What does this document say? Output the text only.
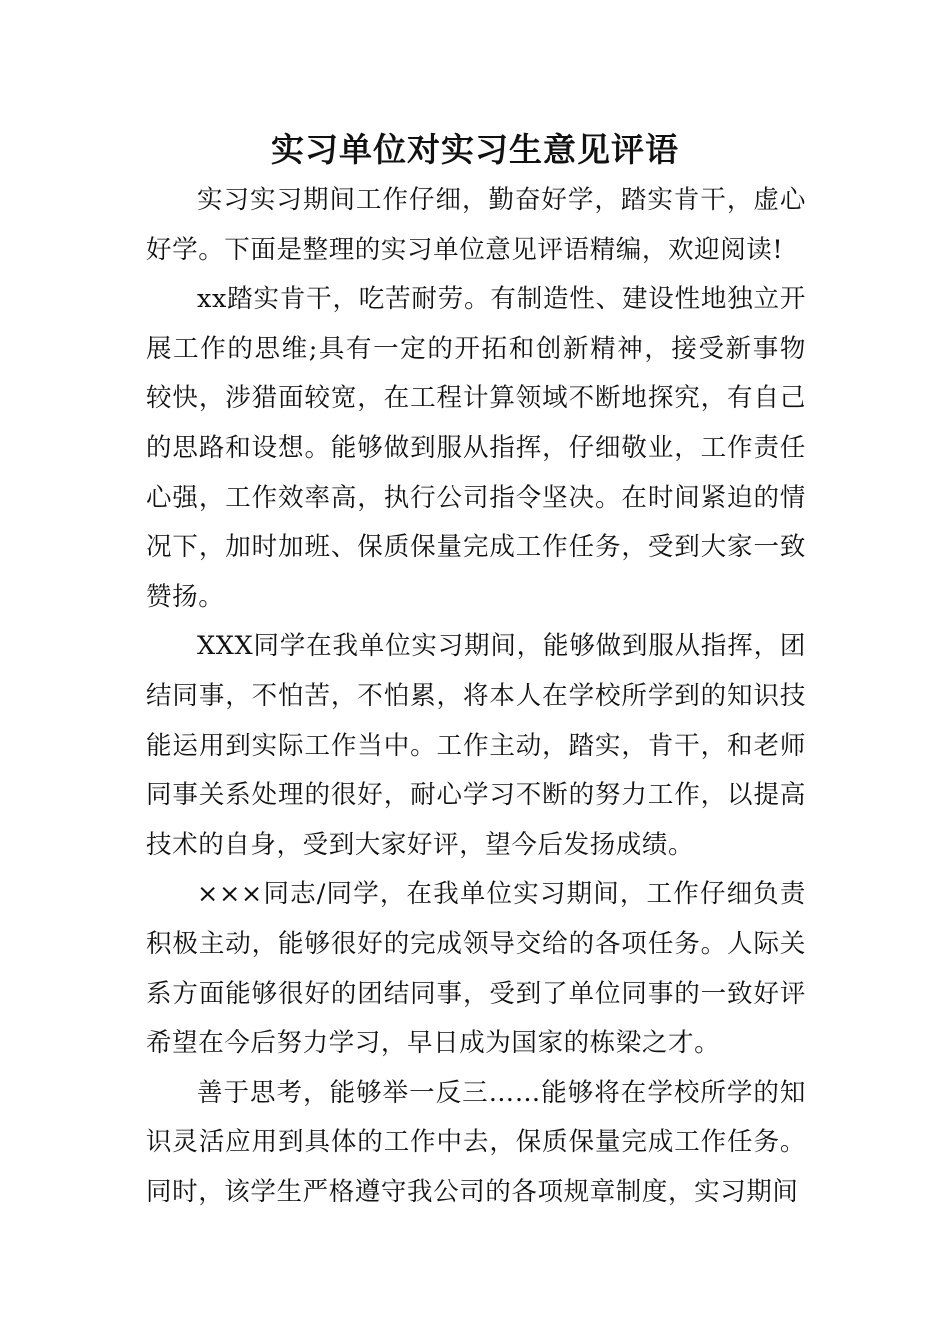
实习单位对实习生意见评语

实习实习期间工作仔细，勤奋好学，踏实肯干，虚心好学。下面是整理的实习单位意见评语精编，欢迎阅读!

xx踏实肯干，吃苦耐劳。有制造性、建设性地独立开展工作的思维;具有一定的开拓和创新精神，接受新事物较快，涉猎面较宽，在工程计算领域不断地探究，有自己的思路和设想。能够做到服从指挥，仔细敬业，工作责任心强，工作效率高，执行公司指令坚决。在时间紧迫的情况下，加时加班、保质保量完成工作任务，受到大家一致赞扬。

XXX同学在我单位实习期间，能够做到服从指挥，团结同事，不怕苦，不怕累，将本人在学校所学到的知识技能运用到实际工作当中。工作主动，踏实，肯干，和老师同事关系处理的很好，耐心学习不断的努力工作，以提高技术的自身，受到大家好评，望今后发扬成绩。

×××同志/同学，在我单位实习期间，工作仔细负责积极主动，能够很好的完成领导交给的各项任务。人际关系方面能够很好的团结同事，受到了单位同事的一致好评希望在今后努力学习，早日成为国家的栋梁之才。

善于思考，能够举一反三……能够将在学校所学的知识灵活应用到具体的工作中去，保质保量完成工作任务。同时，该学生严格遵守我公司的各项规章制度，实习期间
